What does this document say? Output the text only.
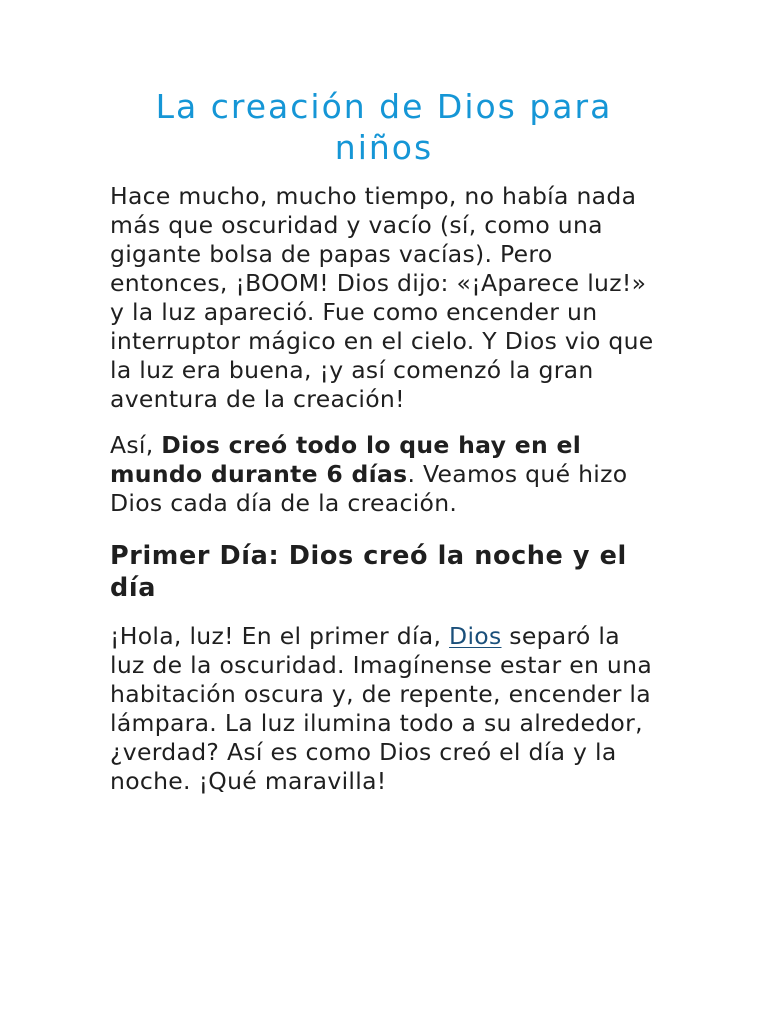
La creación de Dios para niños

Hace mucho, mucho tiempo, no había nada más que oscuridad y vacío (sí, como una gigante bolsa de papas vacías). Pero entonces, ¡BOOM! Dios dijo: «¡Aparece luz!» y la luz apareció. Fue como encender un interruptor mágico en el cielo. Y Dios vio que la luz era buena, ¡y así comenzó la gran aventura de la creación!

Así, Dios creó todo lo que hay en el mundo durante 6 días. Veamos qué hizo Dios cada día de la creación.

Primer Día: Dios creó la noche y el día

¡Hola, luz! En el primer día, Dios separó la luz de la oscuridad. Imagínense estar en una habitación oscura y, de repente, encender la lámpara. La luz ilumina todo a su alrededor, ¿verdad? Así es como Dios creó el día y la noche. ¡Qué maravilla!
